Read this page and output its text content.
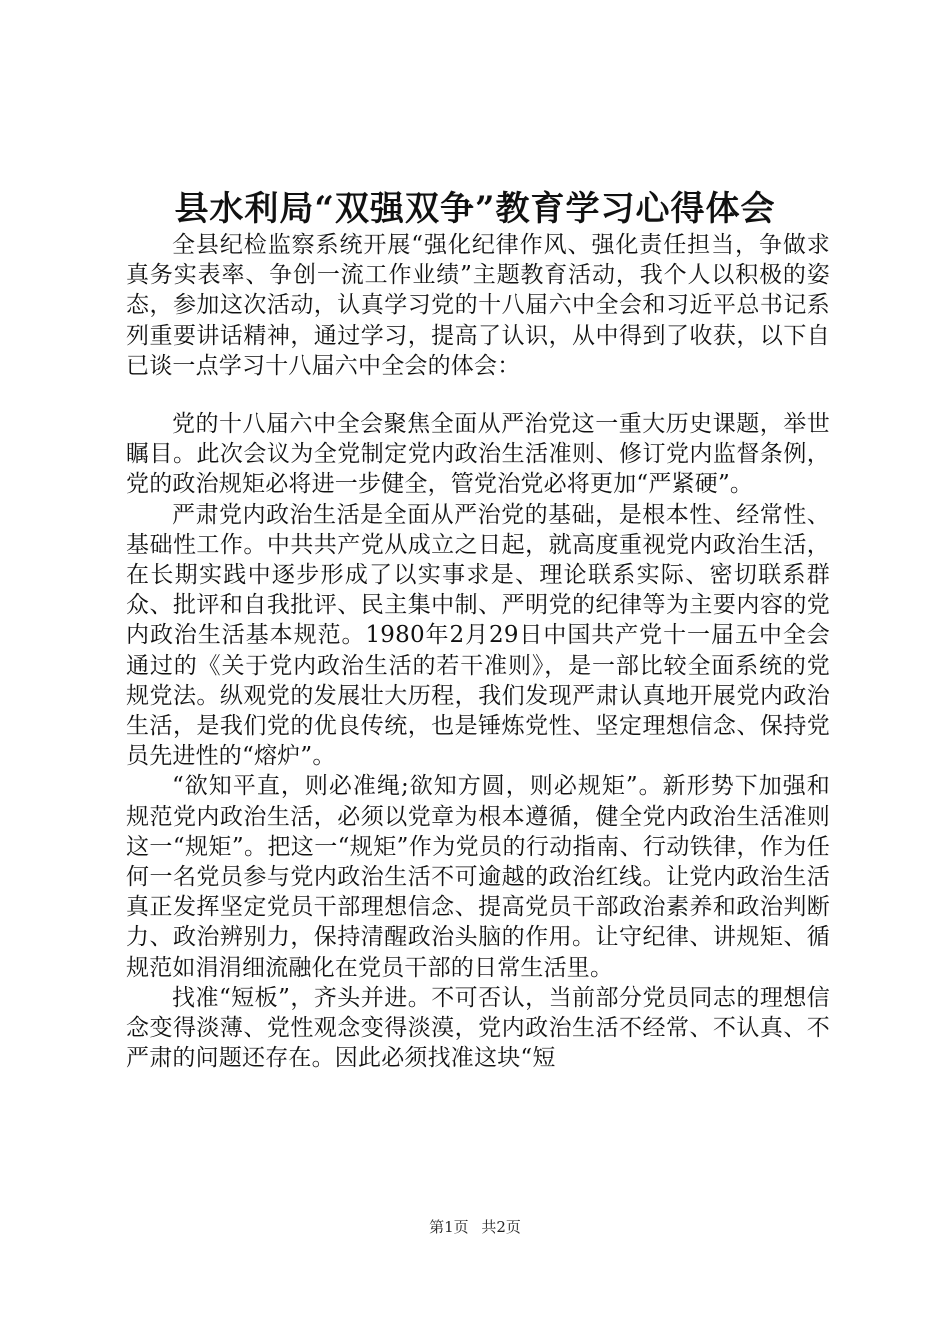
县水利局“双强双争”教育学习心得体会

全县纪检监察系统开展“强化纪律作风、强化责任担当，争做求真务实表率、争创一流工作业绩”主题教育活动，我个人以积极的姿态，参加这次活动，认真学习党的十八届六中全会和习近平总书记系列重要讲话精神，通过学习，提高了认识，从中得到了收获，以下自已谈一点学习十八届六中全会的体会：

党的十八届六中全会聚焦全面从严治党这一重大历史课题，举世瞩目。此次会议为全党制定党内政治生活准则、修订党内监督条例，党的政治规矩必将进一步健全，管党治党必将更加“严紧硬”。

严肃党内政治生活是全面从严治党的基础，是根本性、经常性、基础性工作。中共共产党从成立之日起，就高度重视党内政治生活，在长期实践中逐步形成了以实事求是、理论联系实际、密切联系群众、批评和自我批评、民主集中制、严明党的纪律等为主要内容的党内政治生活基本规范。1980年2月29日中国共产党十一届五中全会通过的《关于党内政治生活的若干准则》，是一部比较全面系统的党规党法。纵观党的发展壮大历程，我们发现严肃认真地开展党内政治生活，是我们党的优良传统，也是锤炼党性、坚定理想信念、保持党员先进性的“熔炉”。

“欲知平直，则必准绳;欲知方圆，则必规矩”。新形势下加强和规范党内政治生活，必须以党章为根本遵循，健全党内政治生活准则这一“规矩”。把这一“规矩”作为党员的行动指南、行动铁律，作为任何一名党员参与党内政治生活不可逾越的政治红线。让党内政治生活真正发挥坚定党员干部理想信念、提高党员干部政治素养和政治判断力、政治辨别力，保持清醒政治头脑的作用。让守纪律、讲规矩、循规范如涓涓细流融化在党员干部的日常生活里。

找准“短板”，齐头并进。不可否认，当前部分党员同志的理想信念变得淡薄、党性观念变得淡漠，党内政治生活不经常、不认真、不严肃的问题还存在。因此必须找准这块“短

第1页 共2页
